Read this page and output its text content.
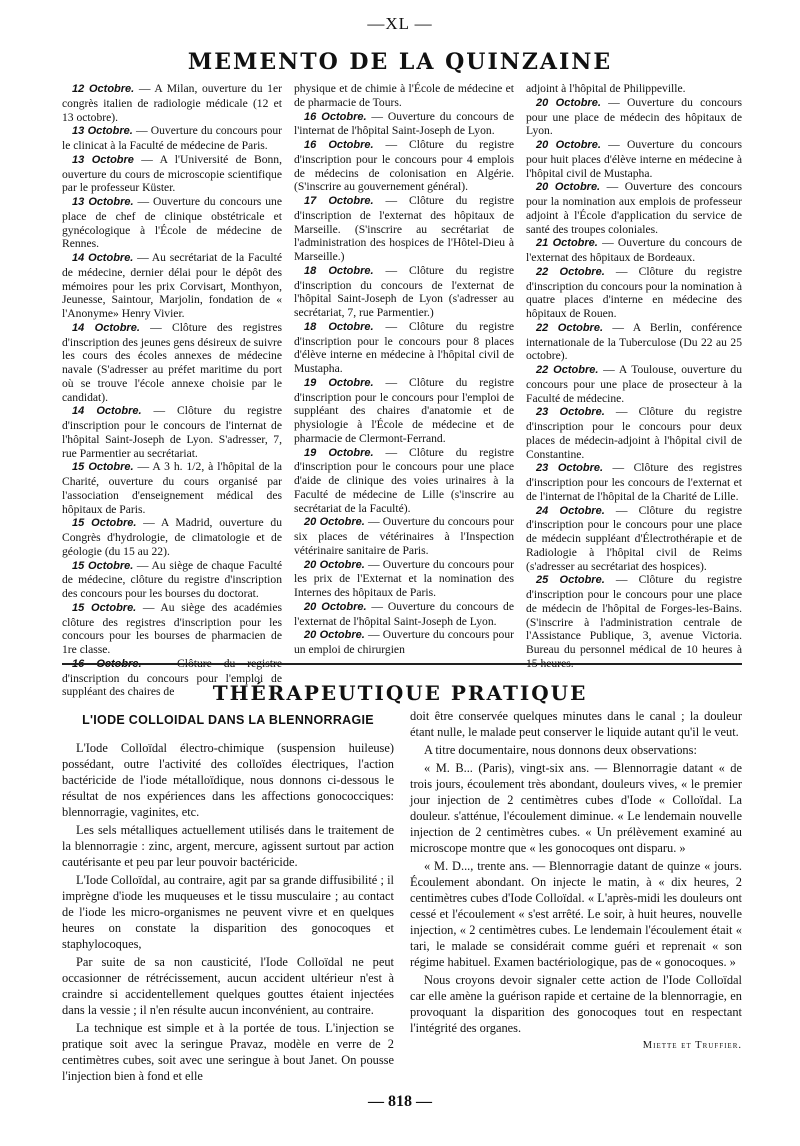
—XL —
MEMENTO DE LA QUINZAINE

12 Octobre. — A Milan, ouverture du 1er congrès italien de radiologie médicale (12 et 13 octobre).

13 Octobre. — Ouverture du concours pour le clinicat à la Faculté de médecine de Paris.

13 Octobre — A l'Université de Bonn, ouverture du cours de microscopie scientifique par le professeur Küster.

13 Octobre. — Ouverture du concours une place de chef de clinique obstétricale et gynécologique à l'École de médecine de Rennes.

14 Octobre. — Au secrétariat de la Faculté de médecine, dernier délai pour le dépôt des mémoires pour les prix Corvisart, Monthyon, Jeunesse, Saintour, Marjolin, fondation de « l'Anonyme» Henry Vivier.

14 Octobre. — Clôture des registres d'inscription des jeunes gens désireux de suivre les cours des écoles annexes de médecine navale (S'adresser au préfet maritime du port où se trouve l'école annexe choisie par le candidat).

14 Octobre. — Clôture du registre d'inscription pour le concours de l'internat de l'hôpital Saint-Joseph de Lyon. S'adresser, 7, rue Parmentier au secrétariat.

15 Octobre. — A 3 h. 1/2, à l'hôpital de la Charité, ouverture du cours organisé par l'association d'enseignement médical des hôpitaux de Paris.

15 Octobre. — A Madrid, ouverture du Congrès d'hydrologie, de climatologie et de géologie (du 15 au 22).

15 Octobre. — Au siège de chaque Faculté de médecine, clôture du registre d'inscription des concours pour les bourses du doctorat.

15 Octobre. — Au siège des académies clôture des registres d'inscription pour les concours pour les bourses de pharmacien de 1re classe.

16 Octobre. — Clôture du registre d'inscription du concours pour l'emploi de suppléant des chaires de

physique et de chimie à l'École de médecine et de pharmacie de Tours.

16 Octobre. — Ouverture du concours de l'internat de l'hôpital Saint-Joseph de Lyon.

16 Octobre. — Clôture du registre d'inscription pour le concours pour 4 emplois de médecins de colonisation en Algérie. (S'inscrire au gouvernement général).

17 Octobre. — Clôture du registre d'inscription de l'externat des hôpitaux de Marseille. (S'inscrire au secrétariat de l'administration des hospices de l'Hôtel-Dieu à Marseille.)

18 Octobre. — Clôture du registre d'inscription du concours de l'externat de l'hôpital Saint-Joseph de Lyon (s'adresser au secrétariat, 7, rue Parmentier.)

18 Octobre. — Clôture du registre d'inscription pour le concours pour 8 places d'élève interne en médecine à l'hôpital civil de Mustapha.

19 Octobre. — Clôture du registre d'inscription pour le concours pour l'emploi de suppléant des chaires d'anatomie et de physiologie à l'École de médecine et de pharmacie de Clermont-Ferrand.

19 Octobre. — Clôture du registre d'inscription pour le concours pour une place d'aide de clinique des voies urinaires à la Faculté de médecine de Lille (s'inscrire au secrétariat de la Faculté).

20 Octobre. — Ouverture du concours pour six places de vétérinaires à l'Inspection vétérinaire sanitaire de Paris.

20 Octobre. — Ouverture du concours pour les prix de l'Externat et la nomination des Internes des hôpitaux de Paris.

20 Octobre. — Ouverture du concours de l'externat de l'hôpital Saint-Joseph de Lyon.

20 Octobre. — Ouverture du concours pour un emploi de chirurgien

adjoint à l'hôpital de Philippeville.

20 Octobre. — Ouverture du concours pour une place de médecin des hôpitaux de Lyon.

20 Octobre. — Ouverture du concours pour huit places d'élève interne en médecine à l'hôpital civil de Mustapha.

20 Octobre. — Ouverture des concours pour la nomination aux emplois de professeur adjoint à l'École d'application du service de santé des troupes coloniales.

21 Octobre. — Ouverture du concours de l'externat des hôpitaux de Bordeaux.

22 Octobre. — Clôture du registre d'inscription du concours pour la nomination à quatre places d'interne en médecine des hôpitaux de Rouen.

22 Octobre. — A Berlin, conférence internationale de la Tuberculose (Du 22 au 25 octobre).

22 Octobre. — A Toulouse, ouverture du concours pour une place de prosecteur à la Faculté de médecine.

23 Octobre. — Clôture du registre d'inscription pour le concours pour deux places de médecin-adjoint à l'hôpital civil de Constantine.

23 Octobre. — Clôture des registres d'inscription pour les concours de l'externat et de l'internat de l'hôpital de la Charité de Lille.

24 Octobre. — Clôture du registre d'inscription pour le concours pour une place de médecin suppléant d'Électrothérapie et de Radiologie à l'hôpital civil de Reims (s'adresser au secrétariat des hospices).

25 Octobre. — Clôture du registre d'inscription pour le concours pour une place de médecin de l'hôpital de Forges-les-Bains. (S'inscrire à l'administration centrale de l'Assistance Publique, 3, avenue Victoria. Bureau du personnel médical de 10 heures à 15 heures.

THÉRAPEUTIQUE PRATIQUE
L'IODE COLLOIDAL DANS LA BLENNORRAGIE

L'Iode Colloïdal électro-chimique (suspension huileuse) possédant, outre l'activité des colloïdes électriques, l'action bactéricide de l'iode métalloïdique, nous donnons ci-dessous le résultat de nos expériences dans les affections gonococciques: blennorragie, vaginites, etc.

Les sels métalliques actuellement utilisés dans le traitement de la blennorragie : zinc, argent, mercure, agissent surtout par action cautérisante et peu par leur pouvoir bactéricide.

L'Iode Colloïdal, au contraire, agit par sa grande diffusibilité ; il imprègne d'iode les muqueuses et le tissu musculaire ; au contact de l'iode les micro-organismes ne peuvent vivre et en quelques heures on constate la disparition des gonocoques et staphylocoques,

Par suite de sa non causticité, l'Iode Colloïdal ne peut occasionner de rétrécissement, aucun accident ultérieur n'est à craindre si accidentellement quelques gouttes étaient injectées dans la vessie ; il n'en résulte aucun inconvénient, au contraire.

La technique est simple et à la portée de tous. L'injection se pratique soit avec la seringue Pravaz, modèle en verre de 2 centimètres cubes, soit avec une seringue à bout Janet. On pousse l'injection bien à fond et elle

doit être conservée quelques minutes dans le canal ; la douleur étant nulle, le malade peut conserver le liquide autant qu'il le veut.

A titre documentaire, nous donnons deux observations:

« M. B... (Paris), vingt-six ans. — Blennorragie datant « de trois jours, écoulement très abondant, douleurs vives, « le premier jour injection de 2 centimètres cubes d'Iode « Colloïdal. La douleur. s'atténue, l'écoulement diminue. « Le lendemain nouvelle injection de 2 centimètres cubes. « Un prélèvement examiné au microscope montre que « les gonocoques ont disparu. »

« M. D..., trente ans. — Blennorragie datant de quinze « jours. Écoulement abondant. On injecte le matin, à « dix heures, 2 centimètres cubes d'Iode Colloïdal. « L'après-midi les douleurs ont cessé et l'écoulement « s'est arrêté. Le soir, à huit heures, nouvelle injection, « 2 centimètres cubes. Le lendemain l'écoulement était « tari, le malade se considérait comme guéri et reprenait « son régime habituel. Examen bactériologique, pas de « gonocoques. »

Nous croyons devoir signaler cette action de l'Iode Colloïdal car elle amène la guérison rapide et certaine de la blennorragie, en provoquant la disparition des gonocoques tout en respectant l'intégrité des organes.

Miette et Truffier.

— 818 —
